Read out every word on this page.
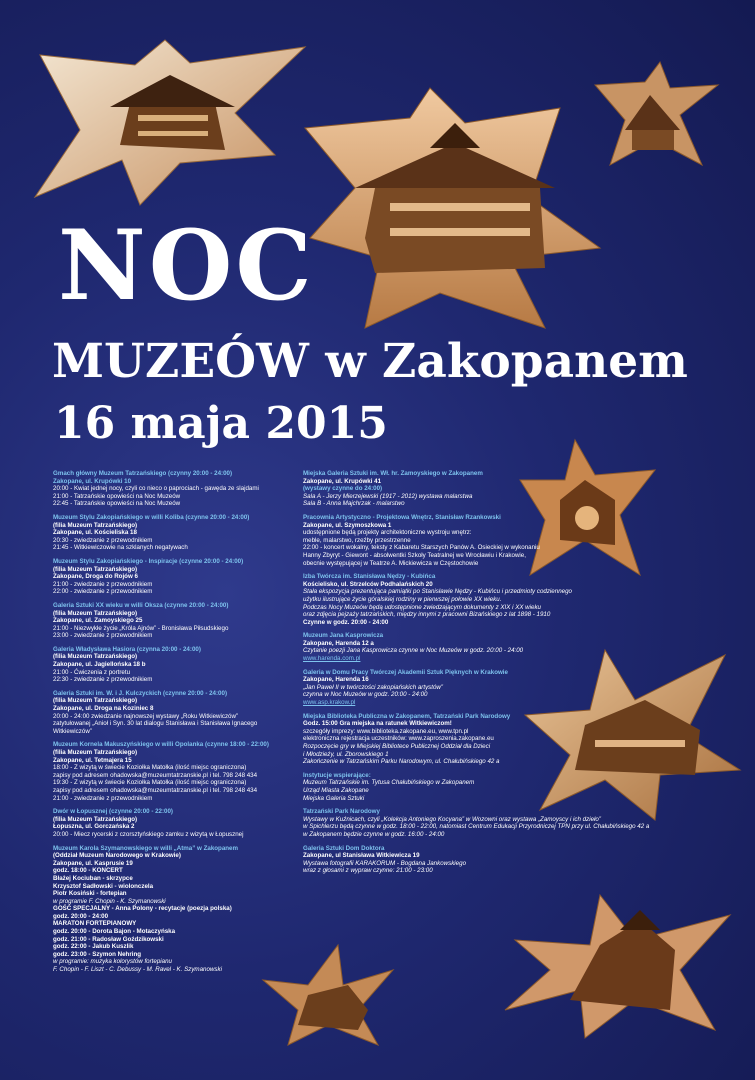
NOC
MUZEÓW w Zakopanem
16 maja 2015
Gmach główny Muzeum Tatrzańskiego (czynny 20:00 - 24:00)
Zakopane, ul. Krupówki 10
20:00 - Kwiat jednej nocy, czyli co nieco o paprociach - gawęda ze slajdami
21:00 - Tatrzańskie opowieści na Noc Muzeów
22:45 - Tatrzańskie opowieści na Noc Muzeów
Muzeum Stylu Zakopiańskiego w willi Koliba (czynne 20:00 - 24:00)
(filia Muzeum Tatrzańskiego)
Zakopane, ul. Kościeliska 18
20:30 - zwiedzanie z przewodnikiem
21:45 - Witkiewiczowie na szklanych negatywach
Muzeum Stylu Zakopiańskiego - Inspiracje (czynne 20:00 - 24:00)
(filia Muzeum Tatrzańskiego)
Zakopane, Droga do Rojów 6
21:00 - zwiedzanie z przewodnikiem
22:00 - zwiedzanie z przewodnikiem
Galeria Sztuki XX wieku w willi Oksza (czynne 20:00 - 24:00)
(filia Muzeum Tatrzańskiego)
Zakopane, ul. Zamoyskiego 25
21:00 - Niezwykłe życie „Króla Ajnów” - Bronisława Piłsudskiego
23:00 - zwiedzanie z przewodnikiem
Galeria Władysława Hasiora (czynna 20:00 - 24:00)
(filia Muzeum Tatrzańskiego)
Zakopane, ul. Jagiellońska 18 b
21:00 - Ćwiczenia z portretu
22:30 - zwiedzanie z przewodnikiem
Galeria Sztuki im. W. i J. Kulczyckich (czynne 20:00 - 24:00)
(filia Muzeum Tatrzańskiego)
Zakopane, ul. Droga na Koziniec 8
20:00 - 24:00 zwiedzanie najnowszej wystawy „Roku Witkiewiczów”
zatytułowanej „Anioł i Syn. 30 lat dialogu Stanisława i Stanisława Ignacego
Witkiewiczów”
Muzeum Kornela Makuszyńskiego w willi Opolanka (czynne 18:00 - 22:00)
(filia Muzeum Tatrzańskiego)
Zakopane, ul. Tetmajera 15
18:00 - Z wizytą w świecie Koziołka Matołka (ilość miejsc ograniczona)
zapisy pod adresem ohadowska@muzeumtatrzanskie.pl i tel. 798 248 434
19:30 - Z wizytą w świecie Koziołka Matołka (ilość miejsc ograniczona)
zapisy pod adresem ohadowska@muzeumtatrzanskie.pl i tel. 798 248 434
21:00 - zwiedzanie z przewodnikiem
Dwór w Łopusznej (czynne 20:00 - 22:00)
(filia Muzeum Tatrzańskiego)
Łopuszna, ul. Gorczańska 2
20:00 - Miecz rycerski z czorsztyńskiego zamku z wizytą w Łopusznej
Muzeum Karola Szymanowskiego w willi „Atma” w Zakopanem
(Oddział Muzeum Narodowego w Krakowie)
Zakopane, ul. Kasprusie 19
godz. 18:00 - KONCERT
Błażej Kociuban - skrzypce
Krzysztof Sadłowski - wiolonczela
Piotr Kosiński - fortepian
w programie F. Chopin - K. Szymanowski
GOŚĆ SPECJALNY - Anna Polony - recytacje (poezja polska)
godz. 20:00 - 24:00
MARATON FORTEPIANOWY
godz. 20:00 - Dorota Bajon - Motaczyńska
godz. 21:00 - Radosław Goździkowski
godz. 22:00 - Jakub Kuszlik
godz. 23:00 - Szymon Nehring
w programie: muzyka kolorystów fortepianu
F. Chopin - F. Liszt - C. Debussy - M. Ravel - K. Szymanowski
Miejska Galeria Sztuki im. Wł. hr. Zamoyskiego w Zakopanem
Zakopane, ul. Krupówki 41
(wystawy czynne do 24:00)
Sala A - Jerzy Mierzejewski (1917 - 2012) wystawa malarstwa
Sala B - Anna Majchrzak - malarstwo
Pracownia Artystyczno - Projektowa Wnętrz, Stanisław Rzankowski
Zakopane, ul. Szymoszkowa 1
udostępnione będą projekty architektoniczne wystroju wnętrz:
meble, malarstwo, rzeźby przestrzenne
22:00 - koncert wokalny, teksty z Kabaretu Starszych Panów A. Osieckiej w wykonaniu
Hanny Zbyryt - Giewont - absolwentki Szkoły Teatralnej we Wrocławiu i Krakowie,
obecnie występującej w Teatrze A. Mickiewicza w Częstochowie
Izba Twórcza im. Stanisława Nędzy - Kubińca
Kościelisko, ul. Strzelców Podhalańskich 20
Stała ekspozycja prezentująca pamiątki po Stanisławie Nędzy - Kubińcu i przedmioty codziennego
użytku ilustrujące życie góralskiej rodziny w pierwszej połowie XX wieku.
Podczas Nocy Muzeów będą udostępnione zwiedzającym dokumenty z XIX i XX wieku
oraz zdjęcia pejzaży tatrzańskich, między innymi z pracowni Bizańskiego z lat 1898 - 1910
Czynne w godz. 20:00 - 24:00
Muzeum Jana Kasprowicza
Zakopane, Harenda 12 a
Czytanie poezji Jana Kasprowicza czynne w Noc Muzeów w godz. 20:00 - 24:00
www.harenda.com.pl
Galeria w Domu Pracy Twórczej Akademii Sztuk Pięknych w Krakowie
Zakopane, Harenda 16
„Jan Paweł II w twórczości zakopiańskich artystów”
czynna w Noc Muzeów w godz. 20:00 - 24:00
www.asp.krakow.pl
Miejska Biblioteka Publiczna w Zakopanem, Tatrzański Park Narodowy
Godz. 15:00 Gra miejska na ratunek Witkiewiczom!
szczegóły imprezy: www.biblioteka.zakopane.eu, www.tpn.pl
elektroniczna rejestracja uczestników: www.zaproszenia.zakopane.eu
Rozpoczęcie gry w Miejskiej Bibliotece Publicznej Oddział dla Dzieci
i Młodzieży, ul. Zborowskiego 1
Zakończenie w Tatrzańskim Parku Narodowym, ul. Chałubińskiego 42 a
Instytucje wspierające:
Muzeum Tatrzańskie im. Tytusa Chałubińskiego w Zakopanem
Urząd Miasta Zakopane
Miejska Galeria Sztuki
Tatrzański Park Narodowy
Wystawy w Kuźnicach, czyli „Kolekcja Antoniego Kocyana” w Wozowni oraz wystawa „Zamoyscy i ich dzieło”
w Spichlerzu będą czynne w godz. 18:00 - 22:00, natomiast Centrum Edukacji Przyrodniczej TPN przy ul. Chałubińskiego 42 a
w Zakopanem będzie czynne w godz. 16:00 - 24:00
Galeria Sztuki Dom Doktora
Zakopane, ul Stanisława Witkiewicza 19
Wystawa fotografii KARAKORUM - Bogdana Jankowskiego
wraz z głosami z wypraw czynne: 21:00 - 23:00
